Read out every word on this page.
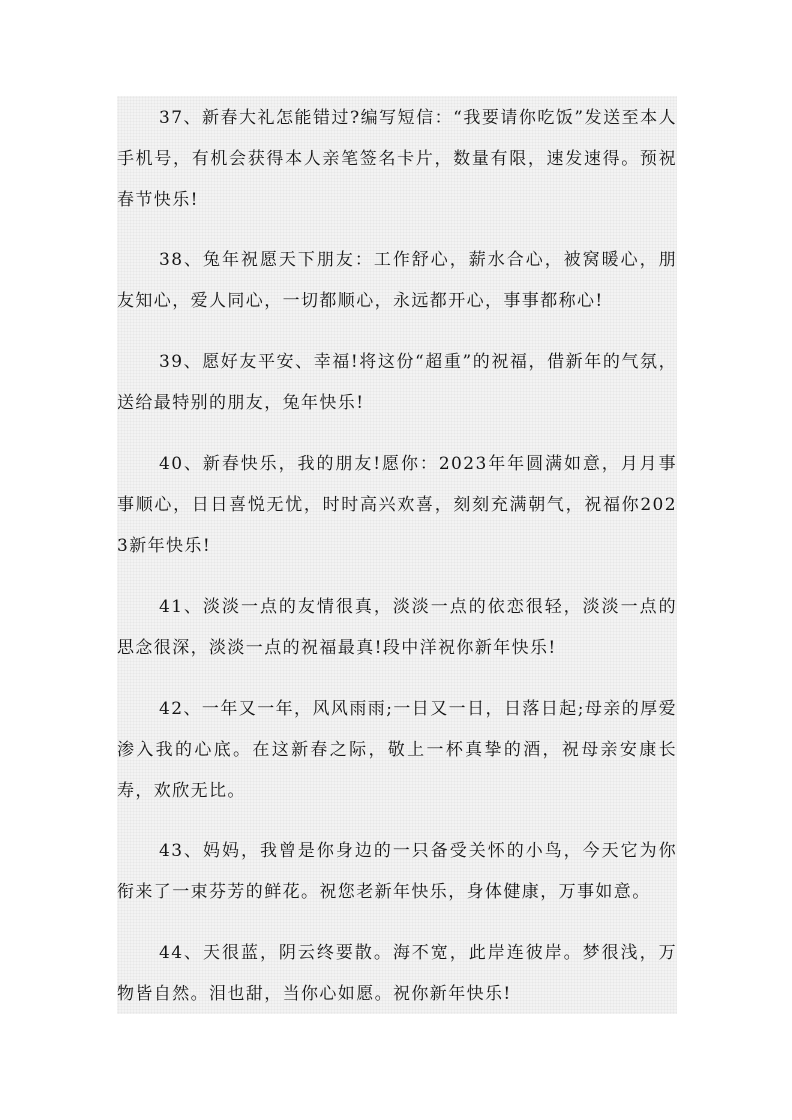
37、新春大礼怎能错过?编写短信：“我要请你吃饭”发送至本人手机号，有机会获得本人亲笔签名卡片，数量有限，速发速得。预祝春节快乐!

38、兔年祝愿天下朋友：工作舒心，薪水合心，被窝暖心，朋友知心，爱人同心，一切都顺心，永远都开心，事事都称心!

39、愿好友平安、幸福!将这份“超重”的祝福，借新年的气氛，送给最特别的朋友，兔年快乐!

40、新春快乐，我的朋友!愿你：2023年年圆满如意，月月事事顺心，日日喜悦无忧，时时高兴欢喜，刻刻充满朝气，祝福你2023新年快乐!

41、淡淡一点的友情很真，淡淡一点的依恋很轻，淡淡一点的思念很深，淡淡一点的祝福最真!段中洋祝你新年快乐!

42、一年又一年，风风雨雨;一日又一日，日落日起;母亲的厚爱渗入我的心底。在这新春之际，敬上一杯真挚的酒，祝母亲安康长寿，欢欣无比。

43、妈妈，我曾是你身边的一只备受关怀的小鸟，今天它为你衔来了一束芬芳的鲜花。祝您老新年快乐，身体健康，万事如意。

44、天很蓝，阴云终要散。海不宽，此岸连彼岸。梦很浅，万物皆自然。泪也甜，当你心如愿。祝你新年快乐!
